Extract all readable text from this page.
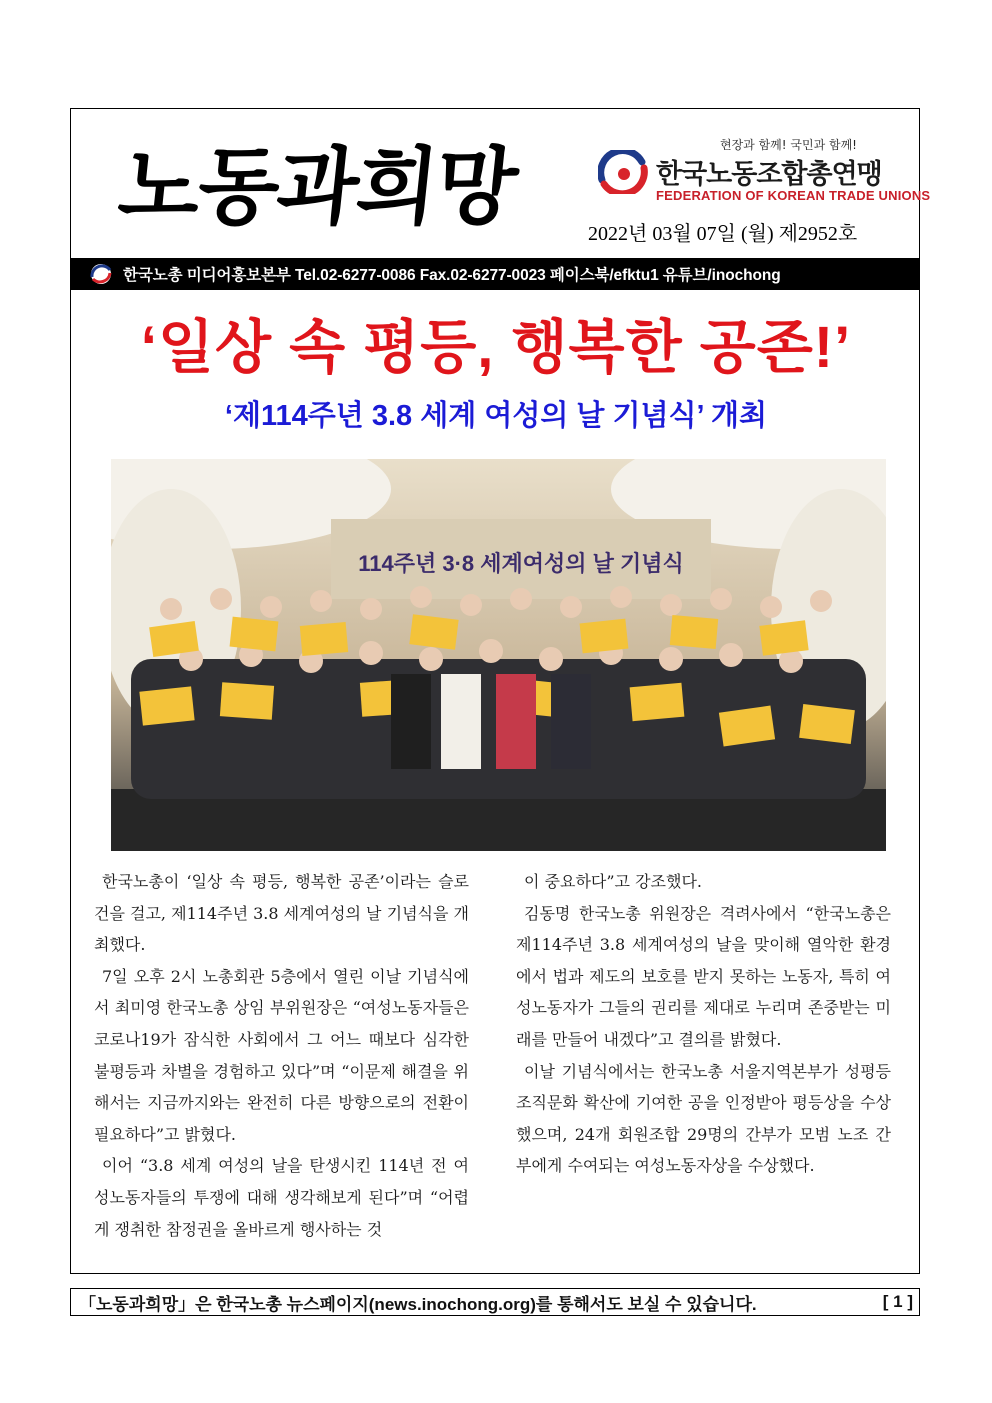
노동과희망	현장과 함께! 국민과 함께!
한국노동조합총연맹
FEDERATION OF KOREAN TRADE UNIONS
2022년 03월 07일 (월) 제2952호
한국노총 미디어홍보본부 Tel.02-6277-0086 Fax.02-6277-0023 페이스북/efktu1 유튜브/inochong
‘일상 속 평등, 행복한 공존!’
‘제114주년 3.8 세계 여성의 날 기념식’ 개최
114주년 3·8 세계여성의 날 기념식

한국노총이 ‘일상 속 평등, 행복한 공존’이라는 슬로건을 걸고, 제114주년 3.8 세계여성의 날 기념식을 개최했다.

7일 오후 2시 노총회관 5층에서 열린 이날 기념식에서 최미영 한국노총 상임 부위원장은 “여성노동자들은 코로나19가 잠식한 사회에서 그 어느 때보다 심각한 불평등과 차별을 경험하고 있다”며 “이문제 해결을 위해서는 지금까지와는 완전히 다른 방향으로의 전환이 필요하다”고 밝혔다.

이어 “3.8 세계 여성의 날을 탄생시킨 114년 전 여성노동자들의 투쟁에 대해 생각해보게 된다”며 “어렵게 쟁취한 참정권을 올바르게 행사하는 것

이 중요하다”고 강조했다.

김동명 한국노총 위원장은 격려사에서 “한국노총은 제114주년 3.8 세계여성의 날을 맞이해 열악한 환경에서 법과 제도의 보호를 받지 못하는 노동자, 특히 여성노동자가 그들의 권리를 제대로 누리며 존중받는 미래를 만들어 내겠다”고 결의를 밝혔다.

이날 기념식에서는 한국노총 서울지역본부가 성평등 조직문화 확산에 기여한 공을 인정받아 평등상을 수상했으며, 24개 회원조합 29명의 간부가 모범 노조 간부에게 수여되는 여성노동자상을 수상했다.

「노동과희망」은 한국노총 뉴스페이지(news.inochong.org)를 통해서도 보실 수 있습니다.	[ 1 ]
